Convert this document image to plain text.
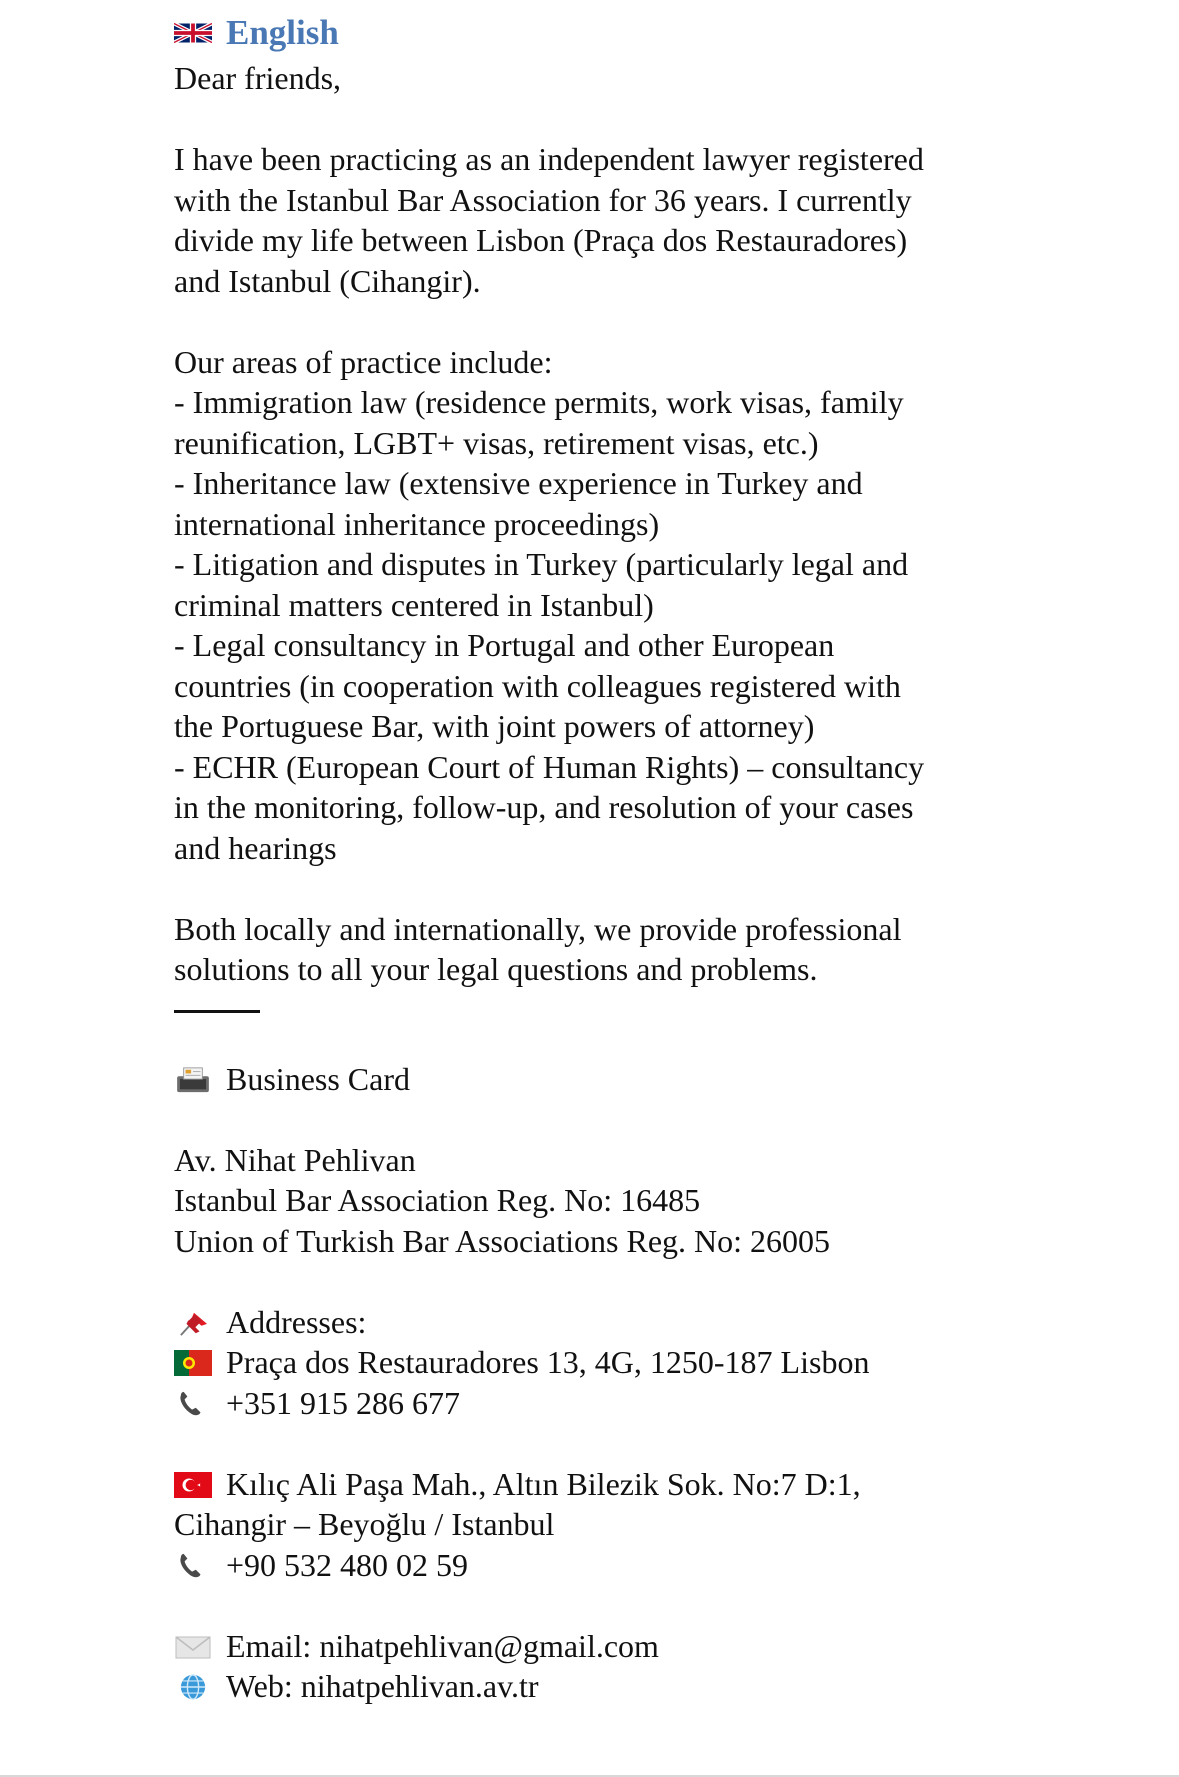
English
Dear friends,
I have been practicing as an independent lawyer registered
with the Istanbul Bar Association for 36 years. I currently
divide my life between Lisbon (Praça dos Restauradores)
and Istanbul (Cihangir).
Our areas of practice include:
- Immigration law (residence permits, work visas, family
reunification, LGBT+ visas, retirement visas, etc.)
- Inheritance law (extensive experience in Turkey and
international inheritance proceedings)
- Litigation and disputes in Turkey (particularly legal and
criminal matters centered in Istanbul)
- Legal consultancy in Portugal and other European
countries (in cooperation with colleagues registered with
the Portuguese Bar, with joint powers of attorney)
- ECHR (European Court of Human Rights) – consultancy
in the monitoring, follow-up, and resolution of your cases
and hearings
Both locally and internationally, we provide professional
solutions to all your legal questions and problems.
Business Card
Av. Nihat Pehlivan
Istanbul Bar Association Reg. No: 16485
Union of Turkish Bar Associations Reg. No: 26005
Addresses:
Praça dos Restauradores 13, 4G, 1250-187 Lisbon
+351 915 286 677
Kılıç Ali Paşa Mah., Altın Bilezik Sok. No:7 D:1,
Cihangir – Beyoğlu / Istanbul
+90 532 480 02 59
Email: nihatpehlivan@gmail.com
Web: nihatpehlivan.av.tr
